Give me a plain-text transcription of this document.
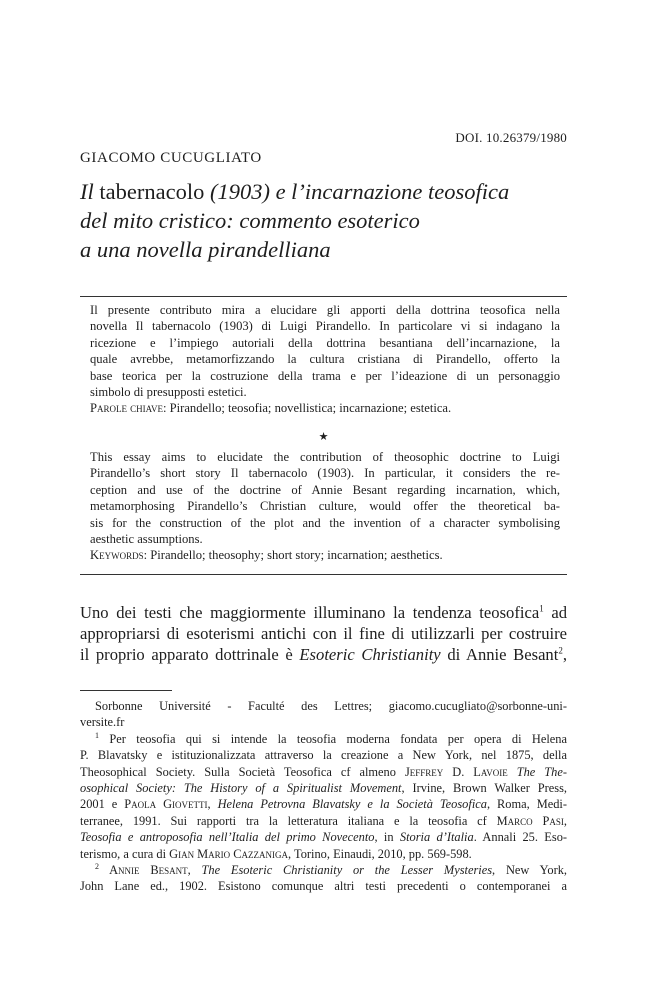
DOI. 10.26379/1980
GIACOMO CUCUGLIATO
Il tabernacolo (1903) e l’incarnazione teosofica
del mito cristico: commento esoterico
a una novella pirandelliana
Il presente contributo mira a elucidare gli apporti della dottrina teosofica nella
novella Il tabernacolo (1903) di Luigi Pirandello. In particolare vi si indagano la
ricezione e l’impiego autoriali della dottrina besantiana dell’incarnazione, la
quale avrebbe, metamorfizzando la cultura cristiana di Pirandello, offerto la
base teorica per la costruzione della trama e per l’ideazione di un personaggio
simbolo di presupposti estetici.
Parole chiave: Pirandello; teosofia; novellistica; incarnazione; estetica.
★
This essay aims to elucidate the contribution of theosophic doctrine to Luigi
Pirandello’s short story Il tabernacolo (1903). In particular, it considers the re-
ception and use of the doctrine of Annie Besant regarding incarnation, which,
metamorphosing Pirandello’s Christian culture, would offer the theoretical ba-
sis for the construction of the plot and the invention of a character symbolising
aesthetic assumptions.
Keywords: Pirandello; theosophy; short story; incarnation; aesthetics.
Uno dei testi che maggiormente illuminano la tendenza teosofica$^1$ ad
appropriarsi di esoterismi antichi con il fine di utilizzarli per costruire
il proprio apparato dottrinale è Esoteric Christianity di Annie Besant$^2$,
Sorbonne Université - Faculté des Lettres; giacomo.cucugliato@sorbonne-uni-
versite.fr
$^1$ Per teosofia qui si intende la teosofia moderna fondata per opera di Helena
P. Blavatsky e istituzionalizzata attraverso la creazione a New York, nel 1875, della
Theosophical Society. Sulla Società Teosofica cf almeno Jeffrey D. Lavoie The The-
osophical Society: The History of a Spiritualist Movement, Irvine, Brown Walker Press,
2001 e Paola Giovetti, Helena Petrovna Blavatsky e la Società Teosofica, Roma, Medi-
terranee, 1991. Sui rapporti tra la letteratura italiana e la teosofia cf Marco Pasi,
Teosofia e antroposofia nell’Italia del primo Novecento, in Storia d’Italia. Annali 25. Eso-
terismo, a cura di Gian Mario Cazzaniga, Torino, Einaudi, 2010, pp. 569-598.
$^2$ Annie Besant, The Esoteric Christianity or the Lesser Mysteries, New York,
John Lane ed., 1902. Esistono comunque altri testi precedenti o contemporanei a
